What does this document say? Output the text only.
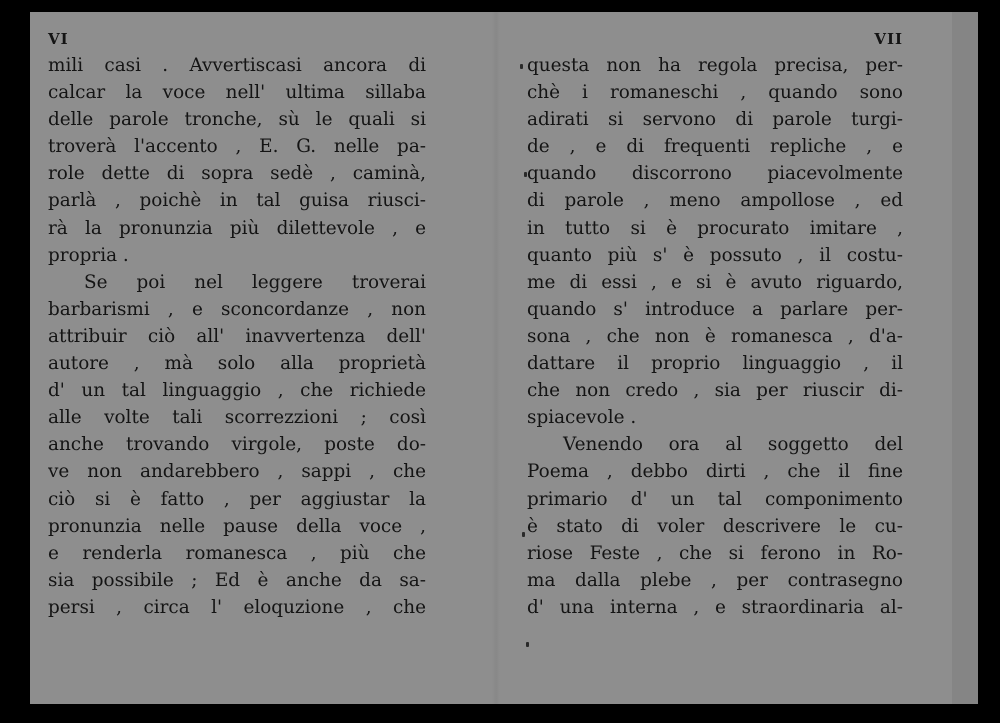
VI
mili casi . Avvertiscasi ancora di
calcar la voce nell' ultima sillaba
delle parole tronche, sù le quali si
troverà l'accento , E. G. nelle pa-
role dette di sopra sedè , caminà,
parlà , poichè in tal guisa riusci-
rà la pronunzia più dilettevole , e
propria .
Se poi nel leggere troverai
barbarismi , e sconcordanze , non
attribuir ciò all' inavvertenza dell'
autore , mà solo alla proprietà
d' un tal linguaggio , che richiede
alle volte tali scorrezzioni ; così
anche trovando virgole, poste do-
ve non andarebbero , sappi , che
ciò si è fatto , per aggiustar la
pronunzia nelle pause della voce ,
e renderla romanesca , più che
sia possibile ; Ed è anche da sa-
persi , circa l' eloquzione , che
VII
questa non ha regola precisa, per-
chè i romaneschi , quando sono
adirati si servono di parole turgi-
de , e di frequenti repliche , e
quando discorrono piacevolmente
di parole , meno ampollose , ed
in tutto si è procurato imitare ,
quanto più s' è possuto , il costu-
me di essi , e si è avuto riguardo,
quando s' introduce a parlare per-
sona , che non è romanesca , d'a-
dattare il proprio linguaggio , il
che non credo , sia per riuscir di-
spiacevole .
Venendo ora al soggetto del
Poema , debbo dirti , che il fine
primario d' un tal componimento
è stato di voler descrivere le cu-
riose Feste , che si ferono in Ro-
ma dalla plebe , per contrasegno
d' una interna , e straordinaria al-
